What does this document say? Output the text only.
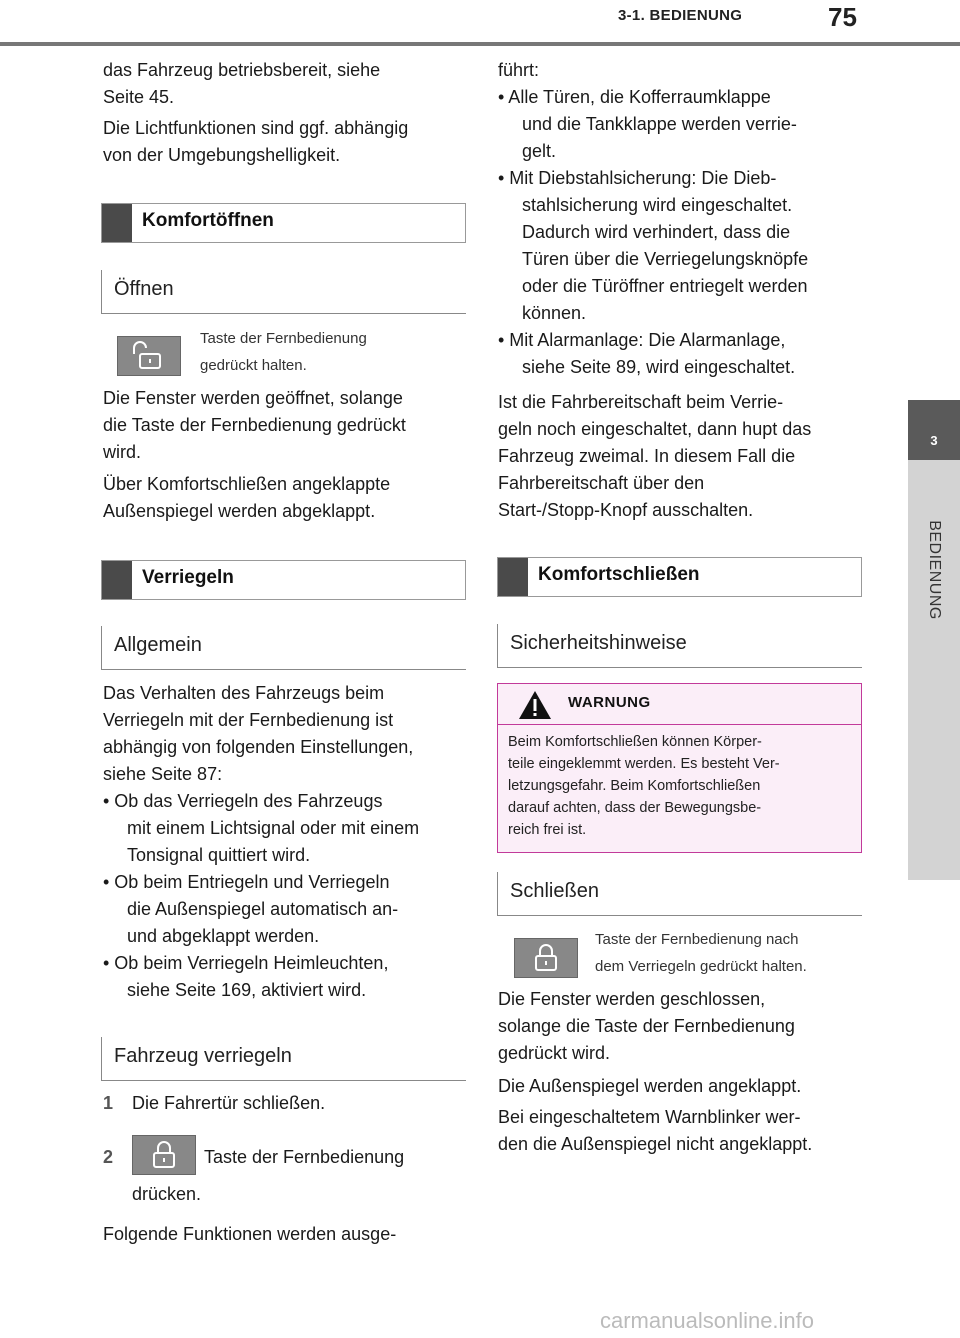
3-1. BEDIENUNG	75
3
BEDIENUNG
das Fahrzeug betriebsbereit, siehe
Seite 45.
Die Lichtfunktionen sind ggf. abhängig
von der Umgebungshelligkeit.
Komfortöffnen
Öffnen
Taste der Fernbedienung
gedrückt halten.
Die Fenster werden geöffnet, solange
die Taste der Fernbedienung gedrückt
wird.
Über Komfortschließen angeklappte
Außenspiegel werden abgeklappt.
Verriegeln
Allgemein
Das Verhalten des Fahrzeugs beim
Verriegeln mit der Fernbedienung ist
abhängig von folgenden Einstellungen,
siehe Seite 87:
• Ob das Verriegeln des Fahrzeugs
mit einem Lichtsignal oder mit einem
Tonsignal quittiert wird.
• Ob beim Entriegeln und Verriegeln
die Außenspiegel automatisch an-
und abgeklappt werden.
• Ob beim Verriegeln Heimleuchten,
siehe Seite 169, aktiviert wird.
Fahrzeug verriegeln
1 Die Fahrertür schließen.
2	Taste der Fernbedienung
drücken.
Folgende Funktionen werden ausge-
führt:
• Alle Türen, die Kofferraumklappe
und die Tankklappe werden verrie-
gelt.
• Mit Diebstahlsicherung: Die Dieb-
stahlsicherung wird eingeschaltet.
Dadurch wird verhindert, dass die
Türen über die Verriegelungsknöpfe
oder die Türöffner entriegelt werden
können.
• Mit Alarmanlage: Die Alarmanlage,
siehe Seite 89, wird eingeschaltet.
Ist die Fahrbereitschaft beim Verrie-
geln noch eingeschaltet, dann hupt das
Fahrzeug zweimal. In diesem Fall die
Fahrbereitschaft über den
Start-/Stopp-Knopf ausschalten.
Komfortschließen
Sicherheitshinweise
WARNUNG
Beim Komfortschließen können Körper-
teile eingeklemmt werden. Es besteht Ver-
letzungsgefahr. Beim Komfortschließen
darauf achten, dass der Bewegungsbe-
reich frei ist.
Schließen
Taste der Fernbedienung nach
dem Verriegeln gedrückt halten.
Die Fenster werden geschlossen,
solange die Taste der Fernbedienung
gedrückt wird.
Die Außenspiegel werden angeklappt.
Bei eingeschaltetem Warnblinker wer-
den die Außenspiegel nicht angeklappt.
carmanualsonline.info
